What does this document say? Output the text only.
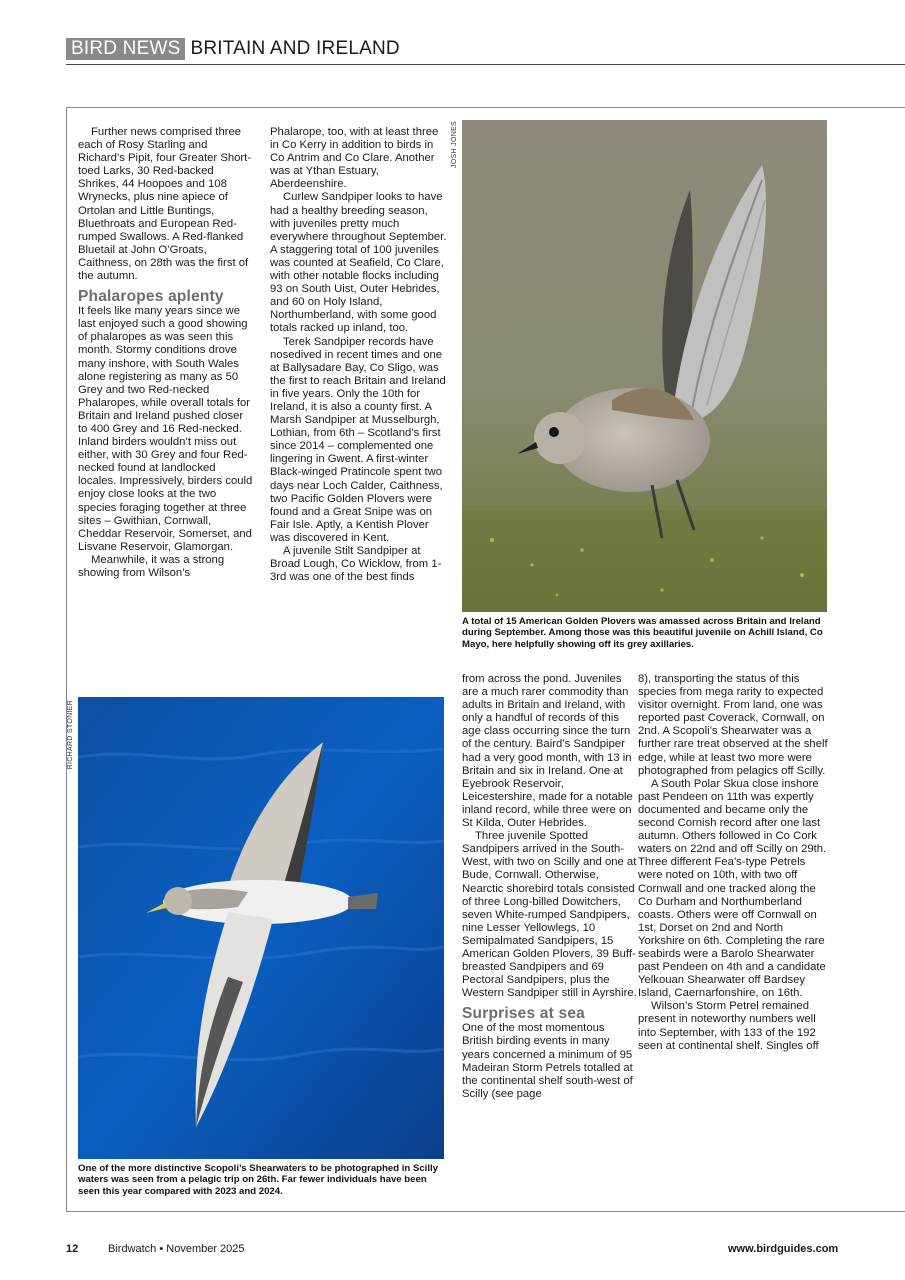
BIRD NEWS BRITAIN AND IRELAND

Further news comprised three each of Rosy Starling and Richard’s Pipit, four Greater Short-toed Larks, 30 Red-backed Shrikes, 44 Hoopoes and 108 Wrynecks, plus nine apiece of Ortolan and Little Buntings, Bluethroats and European Red-rumped Swallows. A Red-flanked Bluetail at John O’Groats, Caithness, on 28th was the first of the autumn.

Phalaropes aplenty

It feels like many years since we last enjoyed such a good showing of phalaropes as was seen this month. Stormy conditions drove many inshore, with South Wales alone registering as many as 50 Grey and two Red-necked Phalaropes, while overall totals for Britain and Ireland pushed closer to 400 Grey and 16 Red-necked. Inland birders wouldn’t miss out either, with 30 Grey and four Red-necked found at landlocked locales. Impressively, birders could enjoy close looks at the two species foraging together at three sites – Gwithian, Cornwall, Cheddar Reservoir, Somerset, and Lisvane Reservoir, Glamorgan.

Meanwhile, it was a strong showing from Wilson’s

Phalarope, too, with at least three in Co Kerry in addition to birds in Co Antrim and Co Clare. Another was at Ythan Estuary, Aberdeenshire.

Curlew Sandpiper looks to have had a healthy breeding season, with juveniles pretty much everywhere throughout September. A staggering total of 100 juveniles was counted at Seafield, Co Clare, with other notable flocks including 93 on South Uist, Outer Hebrides, and 60 on Holy Island, Northumberland, with some good totals racked up inland, too.

Terek Sandpiper records have nosedived in recent times and one at Ballysadare Bay, Co Sligo, was the first to reach Britain and Ireland in five years. Only the 10th for Ireland, it is also a county first. A Marsh Sandpiper at Musselburgh, Lothian, from 6th – Scotland’s first since 2014 – complemented one lingering in Gwent. A first-winter Black-winged Pratincole spent two days near Loch Calder, Caithness, two Pacific Golden Plovers were found and a Great Snipe was on Fair Isle. Aptly, a Kentish Plover was discovered in Kent.

A juvenile Stilt Sandpiper at Broad Lough, Co Wicklow, from 1-3rd was one of the best finds

JOSH JONES
A total of 15 American Golden Plovers was amassed across Britain and Ireland during September. Among those was this beautiful juvenile on Achill Island, Co Mayo, here helpfully showing off its grey axillaries.
RICHARD STONIER
One of the more distinctive Scopoli’s Shearwaters to be photographed in Scilly waters was seen from a pelagic trip on 26th. Far fewer individuals have been seen this year compared with 2023 and 2024.

from across the pond. Juveniles are a much rarer commodity than adults in Britain and Ireland, with only a handful of records of this age class occurring since the turn of the century. Baird’s Sandpiper had a very good month, with 13 in Britain and six in Ireland. One at Eyebrook Reservoir, Leicestershire, made for a notable inland record, while three were on St Kilda, Outer Hebrides.

Three juvenile Spotted Sandpipers arrived in the South-West, with two on Scilly and one at Bude, Cornwall. Otherwise, Nearctic shorebird totals consisted of three Long-billed Dowitchers, seven White-rumped Sandpipers, nine Lesser Yellowlegs, 10 Semipalmated Sandpipers, 15 American Golden Plovers, 39 Buff-breasted Sandpipers and 69 Pectoral Sandpipers, plus the Western Sandpiper still in Ayrshire.

Surprises at sea

One of the most momentous British birding events in many years concerned a minimum of 95 Madeiran Storm Petrels totalled at the continental shelf south-west of Scilly (see page

8), transporting the status of this species from mega rarity to expected visitor overnight. From land, one was reported past Coverack, Cornwall, on 2nd. A Scopoli’s Shearwater was a further rare treat observed at the shelf edge, while at least two more were photographed from pelagics off Scilly.

A South Polar Skua close inshore past Pendeen on 11th was expertly documented and became only the second Cornish record after one last autumn. Others followed in Co Cork waters on 22nd and off Scilly on 29th. Three different Fea’s-type Petrels were noted on 10th, with two off Cornwall and one tracked along the Co Durham and Northumberland coasts. Others were off Cornwall on 1st, Dorset on 2nd and North Yorkshire on 6th. Completing the rare seabirds were a Barolo Shearwater past Pendeen on 4th and a candidate Yelkouan Shearwater off Bardsey Island, Caernarfonshire, on 16th.

Wilson’s Storm Petrel remained present in noteworthy numbers well into September, with 133 of the 192 seen at continental shelf. Singles off

12	Birdwatch • November 2025	www.birdguides.com
